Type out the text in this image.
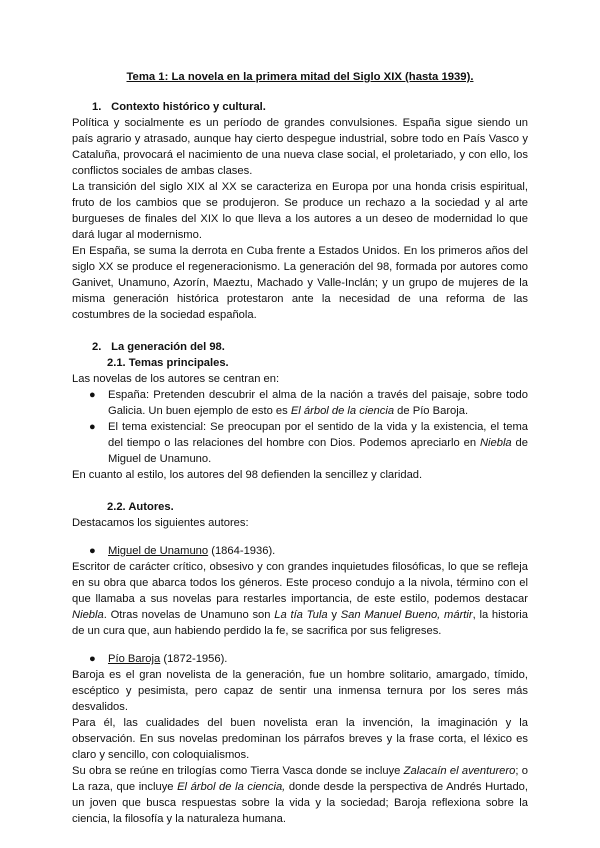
Tema 1: La novela en la primera mitad del Siglo XIX (hasta 1939).
1. Contexto histórico y cultural.

Política y socialmente es un período de grandes convulsiones. España sigue siendo un país agrario y atrasado, aunque hay cierto despegue industrial, sobre todo en País Vasco y Cataluña, provocará el nacimiento de una nueva clase social, el proletariado, y con ello, los conflictos sociales de ambas clases.

La transición del siglo XIX al XX se caracteriza en Europa por una honda crisis espiritual, fruto de los cambios que se produjeron. Se produce un rechazo a la sociedad y al arte burgueses de finales del XIX lo que lleva a los autores a un deseo de modernidad lo que dará lugar al modernismo.

En España, se suma la derrota en Cuba frente a Estados Unidos. En los primeros años del siglo XX se produce el regeneracionismo. La generación del 98, formada por autores como Ganivet, Unamuno, Azorín, Maeztu, Machado y Valle-Inclán; y un grupo de mujeres de la misma generación histórica protestaron ante la necesidad de una reforma de las costumbres de la sociedad española.

2. La generación del 98.
2.1. Temas principales.

Las novelas de los autores se centran en:

● España: Pretenden descubrir el alma de la nación a través del paisaje, sobre todo Galicia. Un buen ejemplo de esto es El árbol de la ciencia de Pío Baroja.
● El tema existencial: Se preocupan por el sentido de la vida y la existencia, el tema del tiempo o las relaciones del hombre con Dios. Podemos apreciarlo en Niebla de Miguel de Unamuno.

En cuanto al estilo, los autores del 98 defienden la sencillez y claridad.

2.2. Autores.

Destacamos los siguientes autores:

● Miguel de Unamuno (1864-1936).

Escritor de carácter crítico, obsesivo y con grandes inquietudes filosóficas, lo que se refleja en su obra que abarca todos los géneros. Este proceso condujo a la nivola, término con el que llamaba a sus novelas para restarles importancia, de este estilo, podemos destacar Niebla. Otras novelas de Unamuno son La tía Tula y San Manuel Bueno, mártir, la historia de un cura que, aun habiendo perdido la fe, se sacrifica por sus feligreses.

● Pío Baroja (1872-1956).

Baroja es el gran novelista de la generación, fue un hombre solitario, amargado, tímido, escéptico y pesimista, pero capaz de sentir una inmensa ternura por los seres más desvalidos.

Para él, las cualidades del buen novelista eran la invención, la imaginación y la observación. En sus novelas predominan los párrafos breves y la frase corta, el léxico es claro y sencillo, con coloquialismos.

Su obra se reúne en trilogías como Tierra Vasca donde se incluye Zalacaín el aventurero; o La raza, que incluye El árbol de la ciencia, donde desde la perspectiva de Andrés Hurtado, un joven que busca respuestas sobre la vida y la sociedad; Baroja reflexiona sobre la ciencia, la filosofía y la naturaleza humana.
